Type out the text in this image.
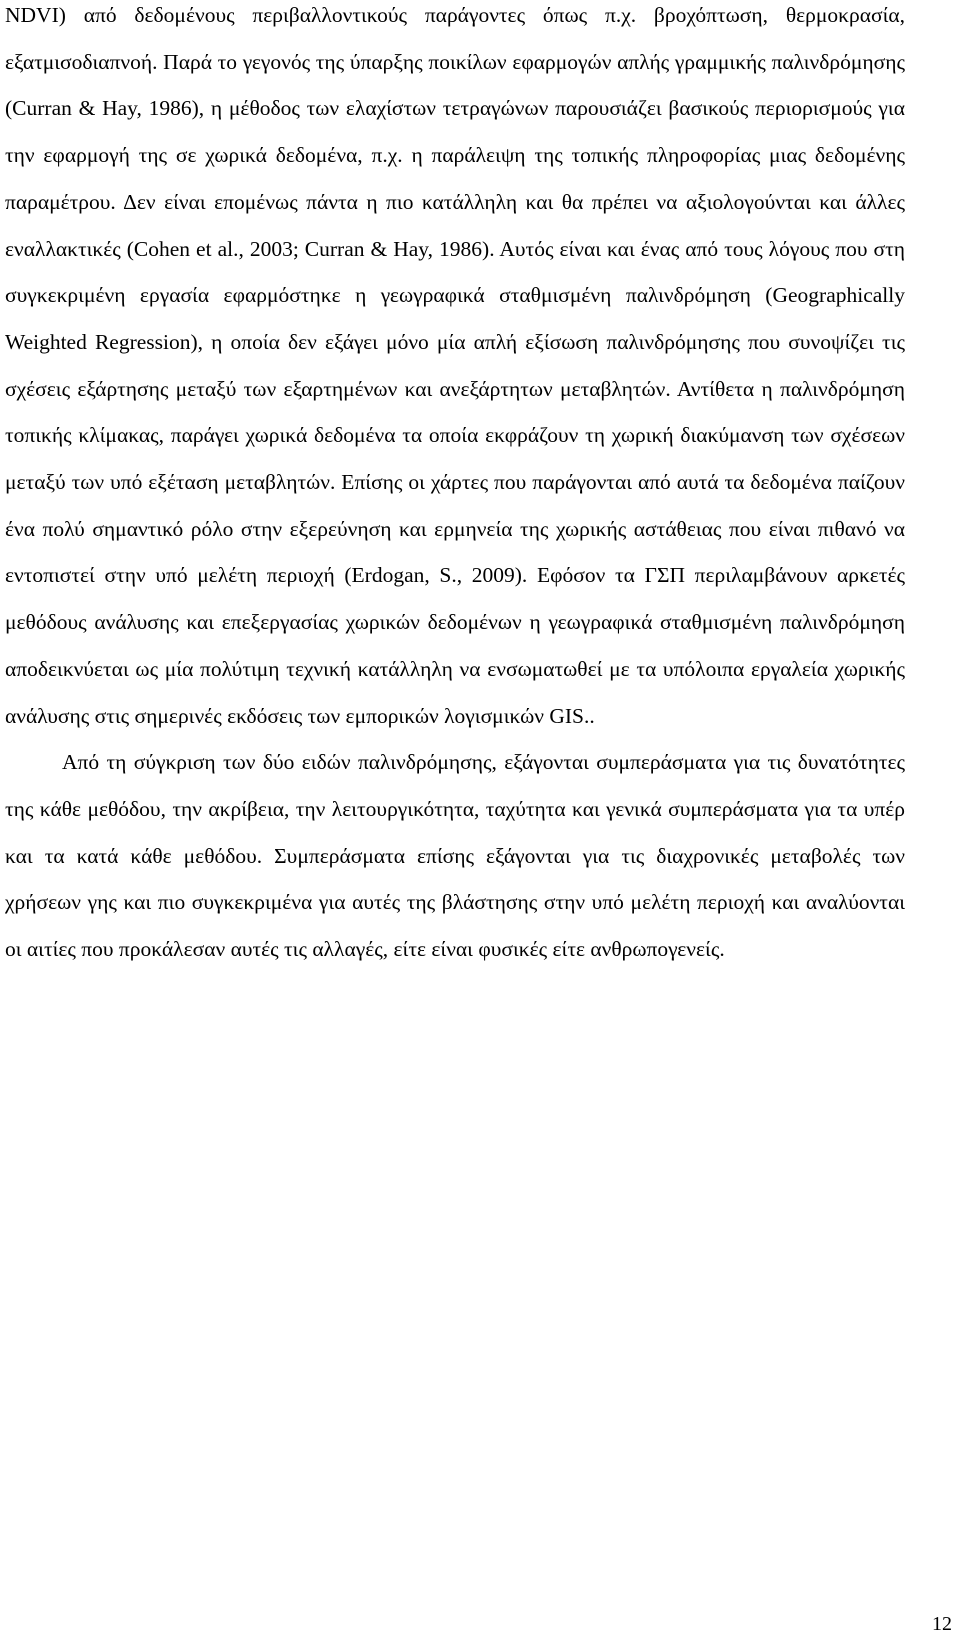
NDVI) από δεδομένους περιβαλλοντικούς παράγοντες όπως π.χ. βροχόπτωση, θερμοκρασία, εξατμισοδιαπνοή. Παρά το γεγονός της ύπαρξης ποικίλων εφαρμογών απλής γραμμικής παλινδρόμησης (Curran & Hay, 1986), η μέθοδος των ελαχίστων τετραγώνων παρουσιάζει βασικούς περιορισμούς για την εφαρμογή της σε χωρικά δεδομένα, π.χ. η παράλειψη της τοπικής πληροφορίας μιας δεδομένης παραμέτρου. Δεν είναι επομένως πάντα η πιο κατάλληλη και θα πρέπει να αξιολογούνται και άλλες εναλλακτικές (Cohen et al., 2003; Curran & Hay, 1986). Αυτός είναι και ένας από τους λόγους που στη συγκεκριμένη εργασία εφαρμόστηκε η γεωγραφικά σταθμισμένη παλινδρόμηση (Geographically Weighted Regression), η οποία δεν εξάγει μόνο μία απλή εξίσωση παλινδρόμησης που συνοψίζει τις σχέσεις εξάρτησης μεταξύ των εξαρτημένων και ανεξάρτητων μεταβλητών. Αντίθετα η παλινδρόμηση τοπικής κλίμακας, παράγει χωρικά δεδομένα τα οποία εκφράζουν τη χωρική διακύμανση των σχέσεων μεταξύ των υπό εξέταση μεταβλητών. Επίσης οι χάρτες που παράγονται από αυτά τα δεδομένα παίζουν ένα πολύ σημαντικό ρόλο στην εξερεύνηση και ερμηνεία της χωρικής αστάθειας που είναι πιθανό να εντοπιστεί στην υπό μελέτη περιοχή (Erdogan, S., 2009). Εφόσον τα ΓΣΠ περιλαμβάνουν αρκετές μεθόδους ανάλυσης και επεξεργασίας χωρικών δεδομένων η γεωγραφικά σταθμισμένη παλινδρόμηση αποδεικνύεται ως μία πολύτιμη τεχνική κατάλληλη να ενσωματωθεί με τα υπόλοιπα εργαλεία χωρικής ανάλυσης στις σημερινές εκδόσεις των εμπορικών λογισμικών GIS..

Από τη σύγκριση των δύο ειδών παλινδρόμησης, εξάγονται συμπεράσματα για τις δυνατότητες της κάθε μεθόδου, την ακρίβεια, την λειτουργικότητα, ταχύτητα και γενικά συμπεράσματα για τα υπέρ και τα κατά κάθε μεθόδου. Συμπεράσματα επίσης εξάγονται για τις διαχρονικές μεταβολές των χρήσεων γης και πιο συγκεκριμένα για αυτές της βλάστησης στην υπό μελέτη περιοχή και αναλύονται οι αιτίες που προκάλεσαν αυτές τις αλλαγές, είτε είναι φυσικές είτε ανθρωπογενείς.

12
